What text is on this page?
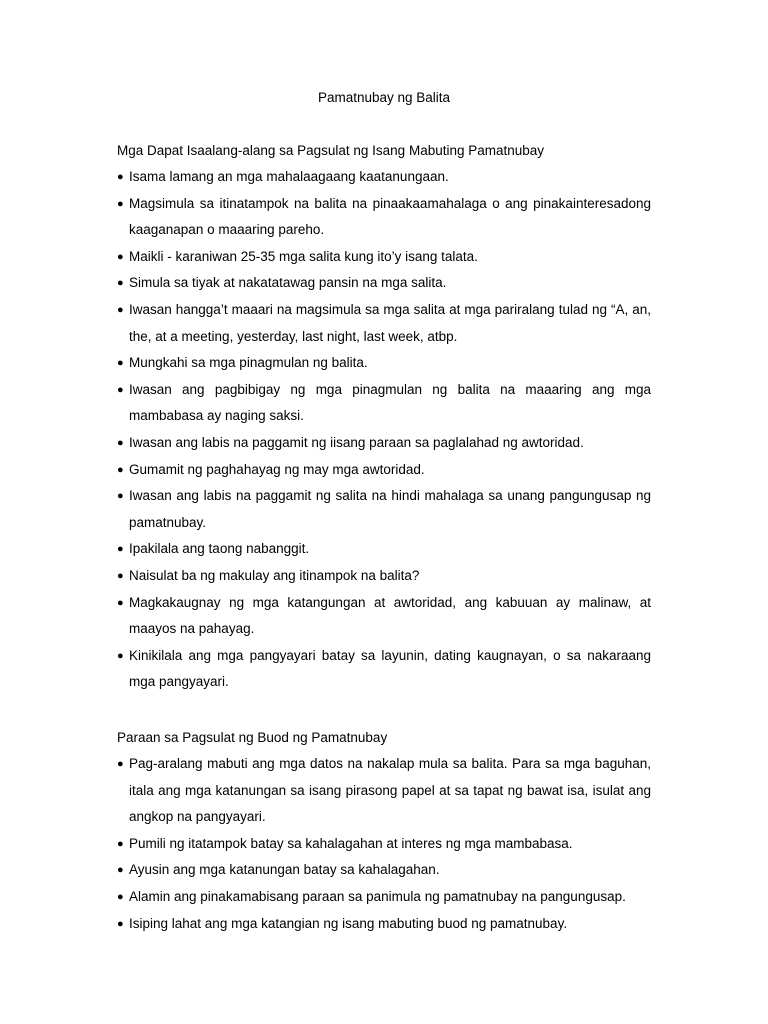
Pamatnubay ng Balita
Mga Dapat Isaalang-alang sa Pagsulat ng Isang Mabuting Pamatnubay
● Isama lamang an mga mahalaagaang kaatanungaan.
● Magsimula sa itinatampok na balita na pinaakaamahalaga o ang pinakainteresadong kaaganapan o maaaring pareho.
● Maikli - karaniwan 25-35 mga salita kung ito’y isang talata.
● Simula sa tiyak at nakatatawag pansin na mga salita.
● Iwasan hangga’t maaari na magsimula sa mga salita at mga pariralang tulad ng “A, an, the, at a meeting, yesterday, last night, last week, atbp.
● Mungkahi sa mga pinagmulan ng balita.
● Iwasan ang pagbibigay ng mga pinagmulan ng balita na maaaring ang mga mambabasa ay naging saksi.
● Iwasan ang labis na paggamit ng iisang paraan sa paglalahad ng awtoridad.
● Gumamit ng paghahayag ng may mga awtoridad.
● Iwasan ang labis na paggamit ng salita na hindi mahalaga sa unang pangungusap ng pamatnubay.
● Ipakilala ang taong nabanggit.
● Naisulat ba ng makulay ang itinampok na balita?
● Magkakaugnay ng mga katangungan at awtoridad, ang kabuuan ay malinaw, at maayos na pahayag.
● Kinikilala ang mga pangyayari batay sa layunin, dating kaugnayan, o sa nakaraang mga pangyayari.
Paraan sa Pagsulat ng Buod ng Pamatnubay
● Pag-aralang mabuti ang mga datos na nakalap mula sa balita. Para sa mga baguhan, itala ang mga katanungan sa isang pirasong papel at sa tapat ng bawat isa, isulat ang angkop na pangyayari.
● Pumili ng itatampok batay sa kahalagahan at interes ng mga mambabasa.
● Ayusin ang mga katanungan batay sa kahalagahan.
● Alamin ang pinakamabisang paraan sa panimula ng pamatnubay na pangungusap.
● Isiping lahat ang mga katangian ng isang mabuting buod ng pamatnubay.
